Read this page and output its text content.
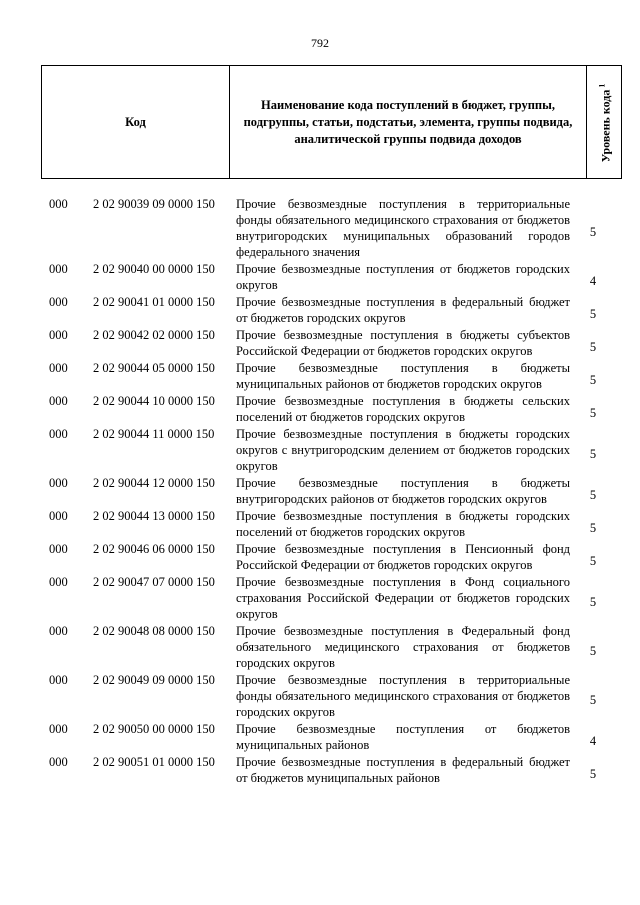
792
Код	Наименование кода поступлений в бюджет, группы, подгруппы, статьи, подстатьи, элемента, группы подвида, аналитической группы подвида доходов	Уровень кода$^1$
000	2 02 90039 09 0000 150	Прочие безвозмездные поступления в территориальные фонды обязательного медицинского страхования от бюджетов внутригородских муниципальных образований городов федерального значения	5
000	2 02 90040 00 0000 150	Прочие безвозмездные поступления от бюджетов городских округов	4
000	2 02 90041 01 0000 150	Прочие безвозмездные поступления в федеральный бюджет от бюджетов городских округов	5
000	2 02 90042 02 0000 150	Прочие безвозмездные поступления в бюджеты субъектов Российской Федерации от бюджетов городских округов	5
000	2 02 90044 05 0000 150	Прочие безвозмездные поступления в бюджеты муниципальных районов от бюджетов городских округов	5
000	2 02 90044 10 0000 150	Прочие безвозмездные поступления в бюджеты сельских поселений от бюджетов городских округов	5
000	2 02 90044 11 0000 150	Прочие безвозмездные поступления в бюджеты городских округов с внутригородским делением от бюджетов городских округов	5
000	2 02 90044 12 0000 150	Прочие безвозмездные поступления в бюджеты внутригородских районов от бюджетов городских округов	5
000	2 02 90044 13 0000 150	Прочие безвозмездные поступления в бюджеты городских поселений от бюджетов городских округов	5
000	2 02 90046 06 0000 150	Прочие безвозмездные поступления в Пенсионный фонд Российской Федерации от бюджетов городских округов	5
000	2 02 90047 07 0000 150	Прочие безвозмездные поступления в Фонд социального страхования Российской Федерации от бюджетов городских округов	5
000	2 02 90048 08 0000 150	Прочие безвозмездные поступления в Федеральный фонд обязательного медицинского страхования от бюджетов городских округов	5
000	2 02 90049 09 0000 150	Прочие безвозмездные поступления в территориальные фонды обязательного медицинского страхования от бюджетов городских округов	5
000	2 02 90050 00 0000 150	Прочие безвозмездные поступления от бюджетов муниципальных районов	4
000	2 02 90051 01 0000 150	Прочие безвозмездные поступления в федеральный бюджет от бюджетов муниципальных районов	5
